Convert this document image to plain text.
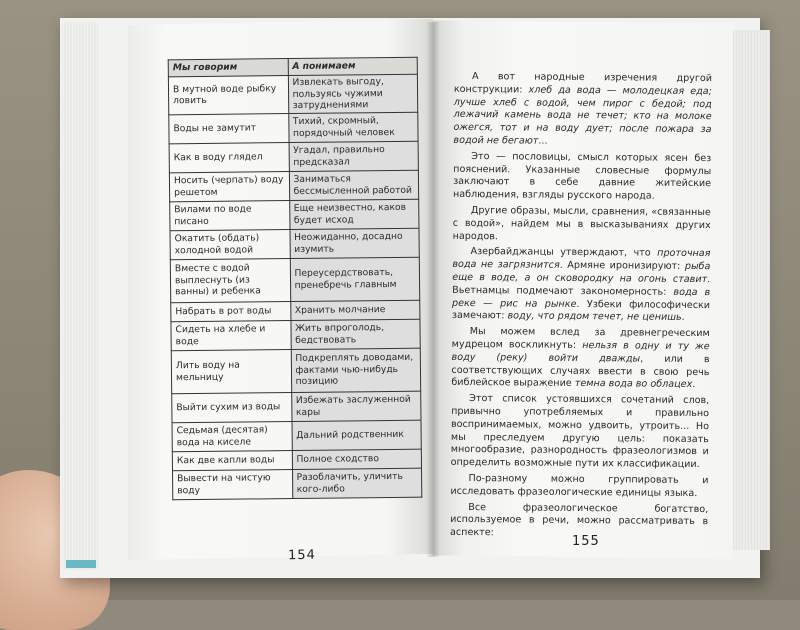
Мы говорим	А понимаем
В мутной воде рыбку ловить	Извлекать выгоду, пользуясь чужими затруднениями
Воды не замутит	Тихий, скромный, порядочный человек
Как в воду глядел	Угадал, правильно предсказал
Носить (черпать) воду решетом	Заниматься бессмысленной работой
Вилами по воде писано	Еще неизвестно, каков будет исход
Окатить (обдать) холодной водой	Неожиданно, досадно изумить
Вместе с водой выплеснуть (из ванны) и ребенка	Переусердствовать, пренебречь главным
Набрать в рот воды	Хранить молчание
Сидеть на хлебе и воде	Жить впроголодь, бедствовать
Лить воду на мельницу	Подкреплять доводами, фактами чью-нибудь позицию
Выйти сухим из воды	Избежать заслуженной кары
Седьмая (десятая) вода на киселе	Дальний родственник
Как две капли воды	Полное сходство
Вывести на чистую воду	Разоблачить, уличить кого-либо
154
155

А вот народные изречения другой конструкции: хлеб да вода — молодецкая еда; лучше хлеб с водой, чем пирог с бедой; под лежачий камень вода не течет; кто на молоке ожегся, тот и на воду дует; после пожара за водой не бегают...

Это — пословицы, смысл которых ясен без пояснений. Указанные словесные формулы заключают в себе давние житейские наблюдения, взгляды русского народа.

Другие образы, мысли, сравнения, «связанные с водой», найдем мы в высказываниях других народов.

Азербайджанцы утверждают, что проточная вода не загрязнится. Армяне иронизируют: рыба еще в воде, а он сковородку на огонь ставит. Вьетнамцы подмечают закономерность: вода в реке — рис на рынке. Узбеки философически замечают: воду, что рядом течет, не ценишь.

Мы можем вслед за древнегреческим мудрецом воскликнуть: нельзя в одну и ту же воду (реку) войти дважды, или в соответствующих случаях ввести в свою речь библейское выражение темна вода во облацех.

Этот список устоявшихся сочетаний слов, привычно употребляемых и правильно воспринимаемых, можно удвоить, утроить... Но мы преследуем другую цель: показать многообразие, разнородность фразеологизмов и определить возможные пути их классификации.

По-разному можно группировать и исследовать фразеологические единицы языка.

Все фразеологическое богатство, используемое в речи, можно рассматривать в аспекте:
